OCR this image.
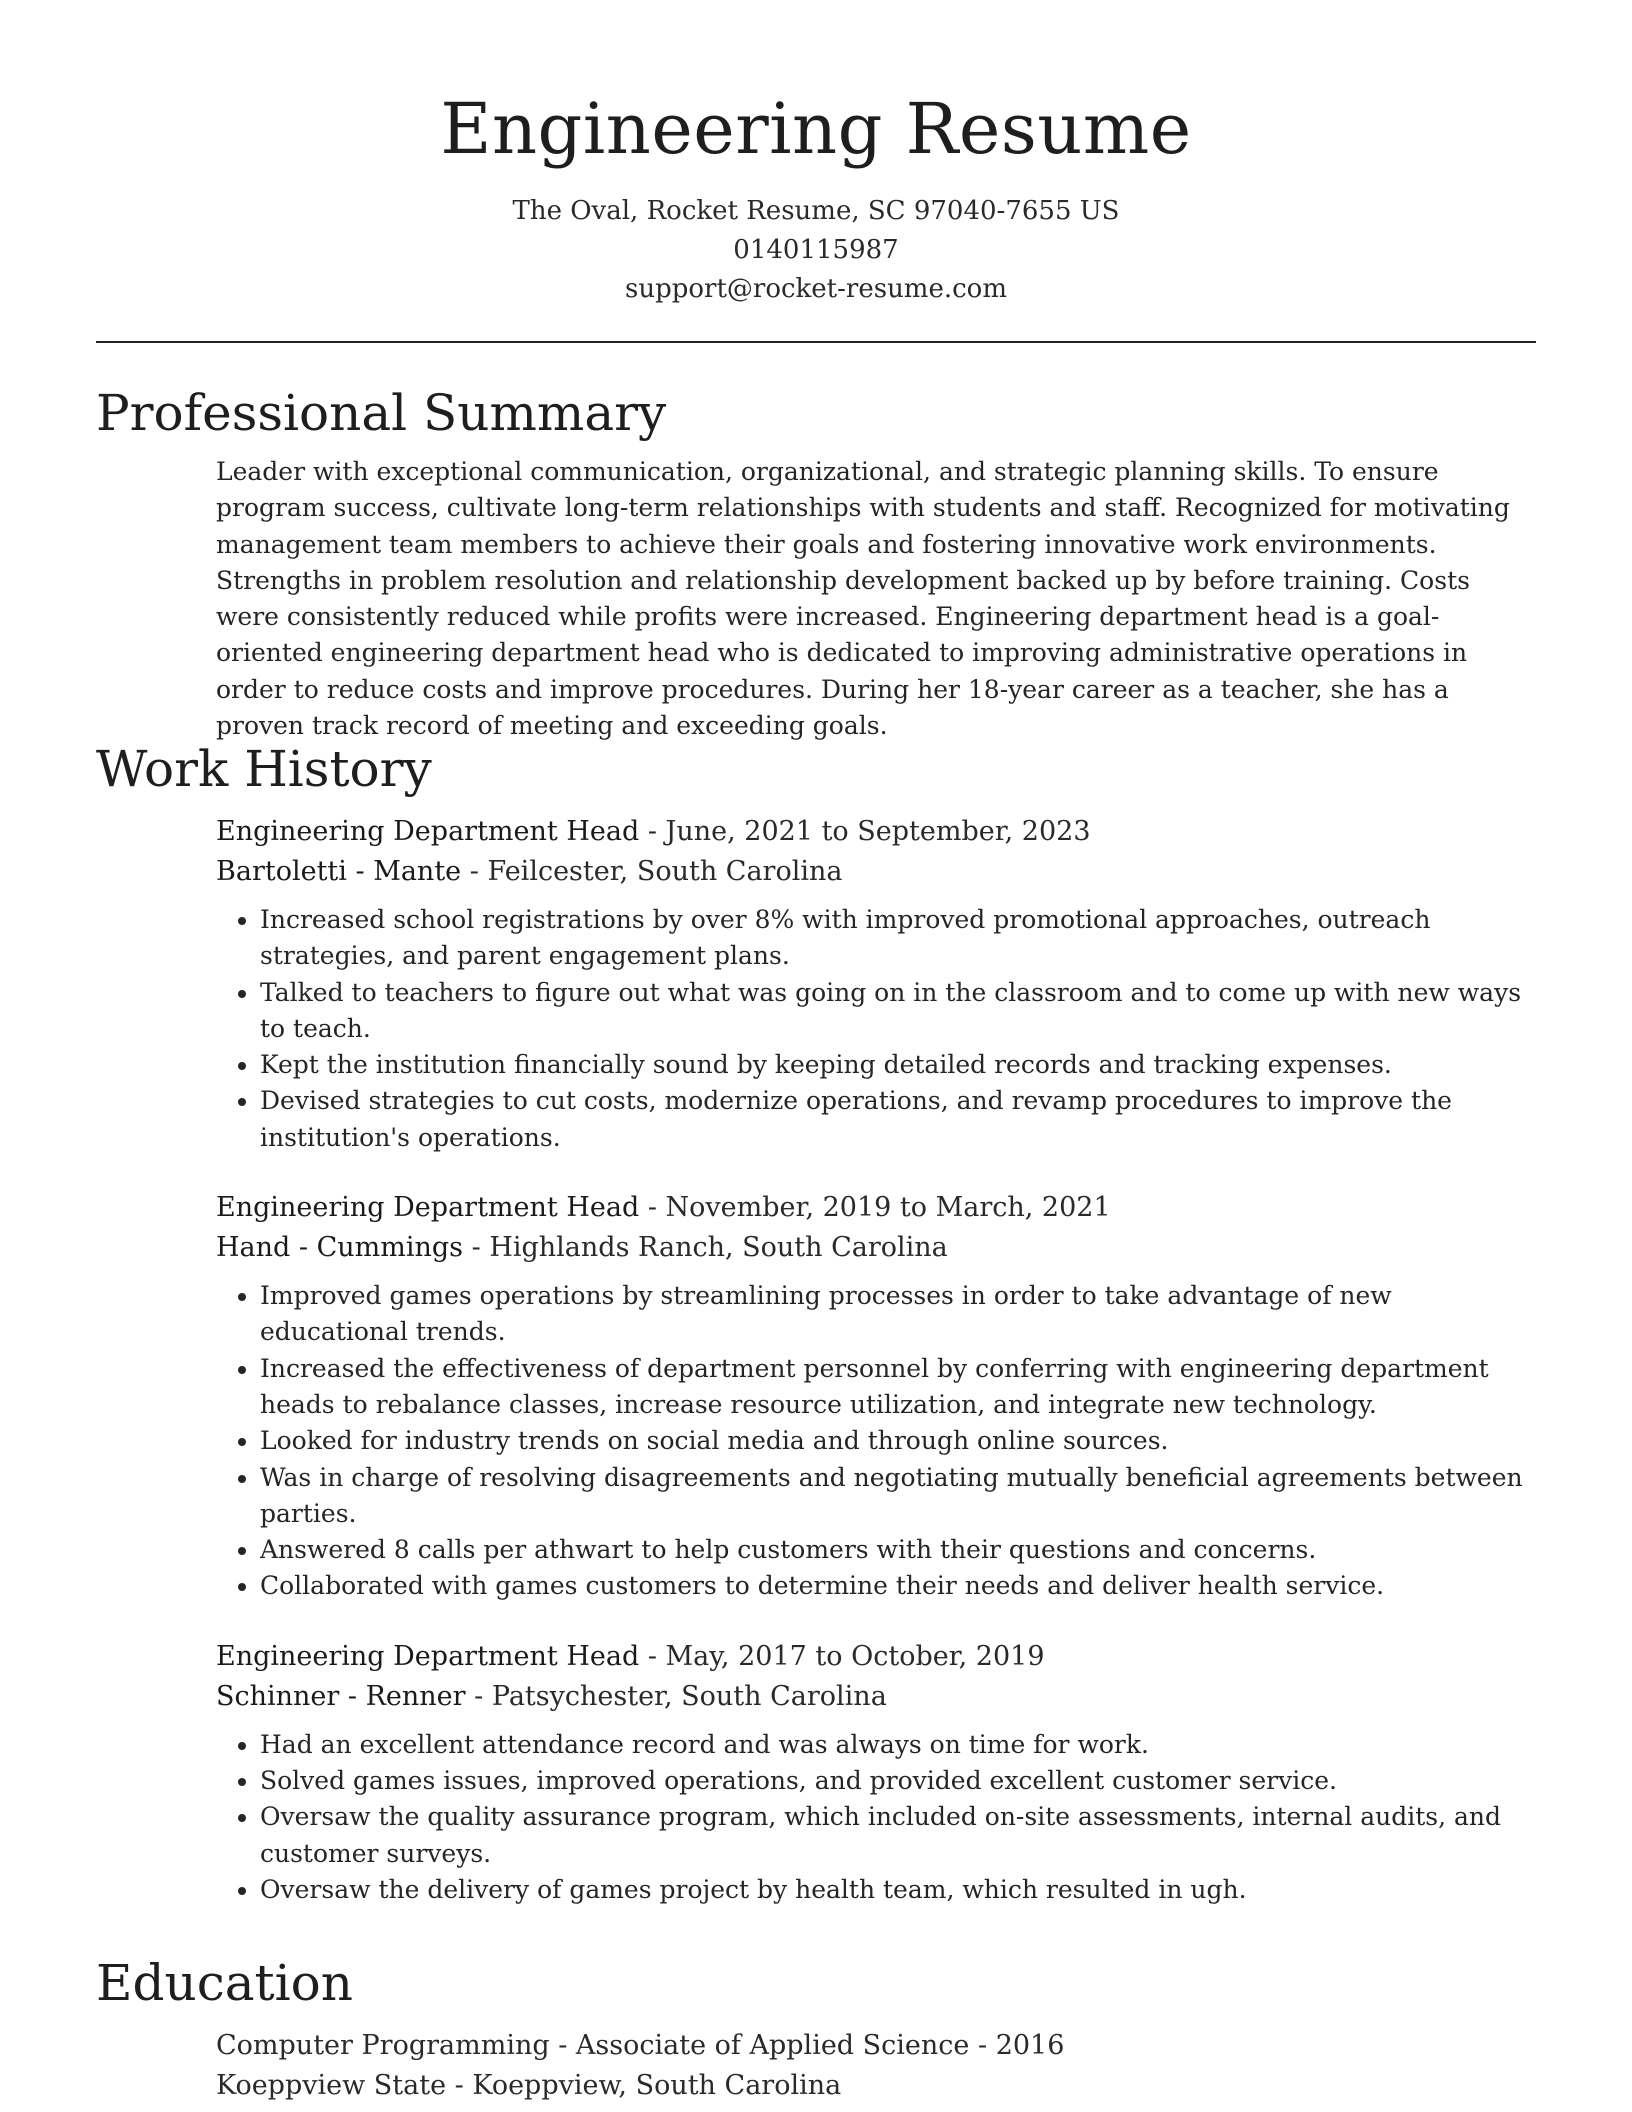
Engineering Resume
The Oval, Rocket Resume, SC 97040-7655 US
0140115987
support@rocket-resume.com
Professional Summary
Leader with exceptional communication, organizational, and strategic planning skills. To ensure program success, cultivate long-term relationships with students and staff. Recognized for motivating management team members to achieve their goals and fostering innovative work environments. Strengths in problem resolution and relationship development backed up by before training. Costs were consistently reduced while profits were increased. Engineering department head is a goal-oriented engineering department head who is dedicated to improving administrative operations in order to reduce costs and improve procedures. During her 18-year career as a teacher, she has a proven track record of meeting and exceeding goals.
Work History
Engineering Department Head - June, 2021 to September, 2023
Bartoletti - Mante - Feilcester, South Carolina
• Increased school registrations by over 8% with improved promotional approaches, outreach strategies, and parent engagement plans.
• Talked to teachers to figure out what was going on in the classroom and to come up with new ways to teach.
• Kept the institution financially sound by keeping detailed records and tracking expenses.
• Devised strategies to cut costs, modernize operations, and revamp procedures to improve the institution's operations.
Engineering Department Head - November, 2019 to March, 2021
Hand - Cummings - Highlands Ranch, South Carolina
• Improved games operations by streamlining processes in order to take advantage of new educational trends.
• Increased the effectiveness of department personnel by conferring with engineering department heads to rebalance classes, increase resource utilization, and integrate new technology.
• Looked for industry trends on social media and through online sources.
• Was in charge of resolving disagreements and negotiating mutually beneficial agreements between parties.
• Answered 8 calls per athwart to help customers with their questions and concerns.
• Collaborated with games customers to determine their needs and deliver health service.
Engineering Department Head - May, 2017 to October, 2019
Schinner - Renner - Patsychester, South Carolina
• Had an excellent attendance record and was always on time for work.
• Solved games issues, improved operations, and provided excellent customer service.
• Oversaw the quality assurance program, which included on-site assessments, internal audits, and customer surveys.
• Oversaw the delivery of games project by health team, which resulted in ugh.
Education
Computer Programming - Associate of Applied Science - 2016
Koeppview State - Koeppview, South Carolina
